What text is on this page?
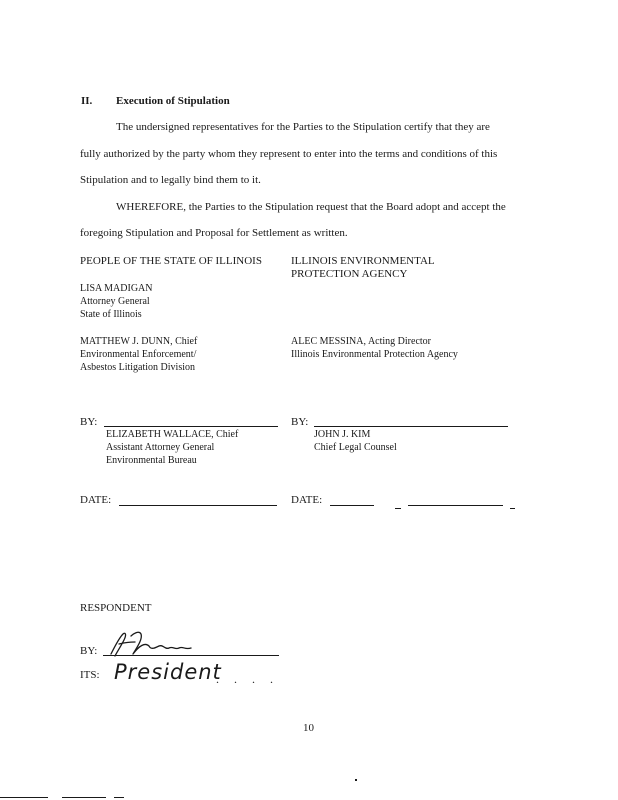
II. Execution of Stipulation
The undersigned representatives for the Parties to the Stipulation certify that they are
fully authorized by the party whom they represent to enter into the terms and conditions of this
Stipulation and to legally bind them to it.
WHEREFORE, the Parties to the Stipulation request that the Board adopt and accept the
foregoing Stipulation and Proposal for Settlement as written.
PEOPLE OF THE STATE OF ILLINOIS
LISA MADIGAN
Attorney General
State of Illinois
MATTHEW J. DUNN, Chief
Environmental Enforcement/
Asbestos Litigation Division
ILLINOIS ENVIRONMENTAL
PROTECTION AGENCY
ALEC MESSINA, Acting Director
Illinois Environmental Protection Agency
BY:
ELIZABETH WALLACE, Chief
Assistant Attorney General
Environmental Bureau
BY:
JOHN J. KIM
Chief Legal Counsel
DATE:	DATE:
RESPONDENT
BY:
ITS: President
. . . .
10
